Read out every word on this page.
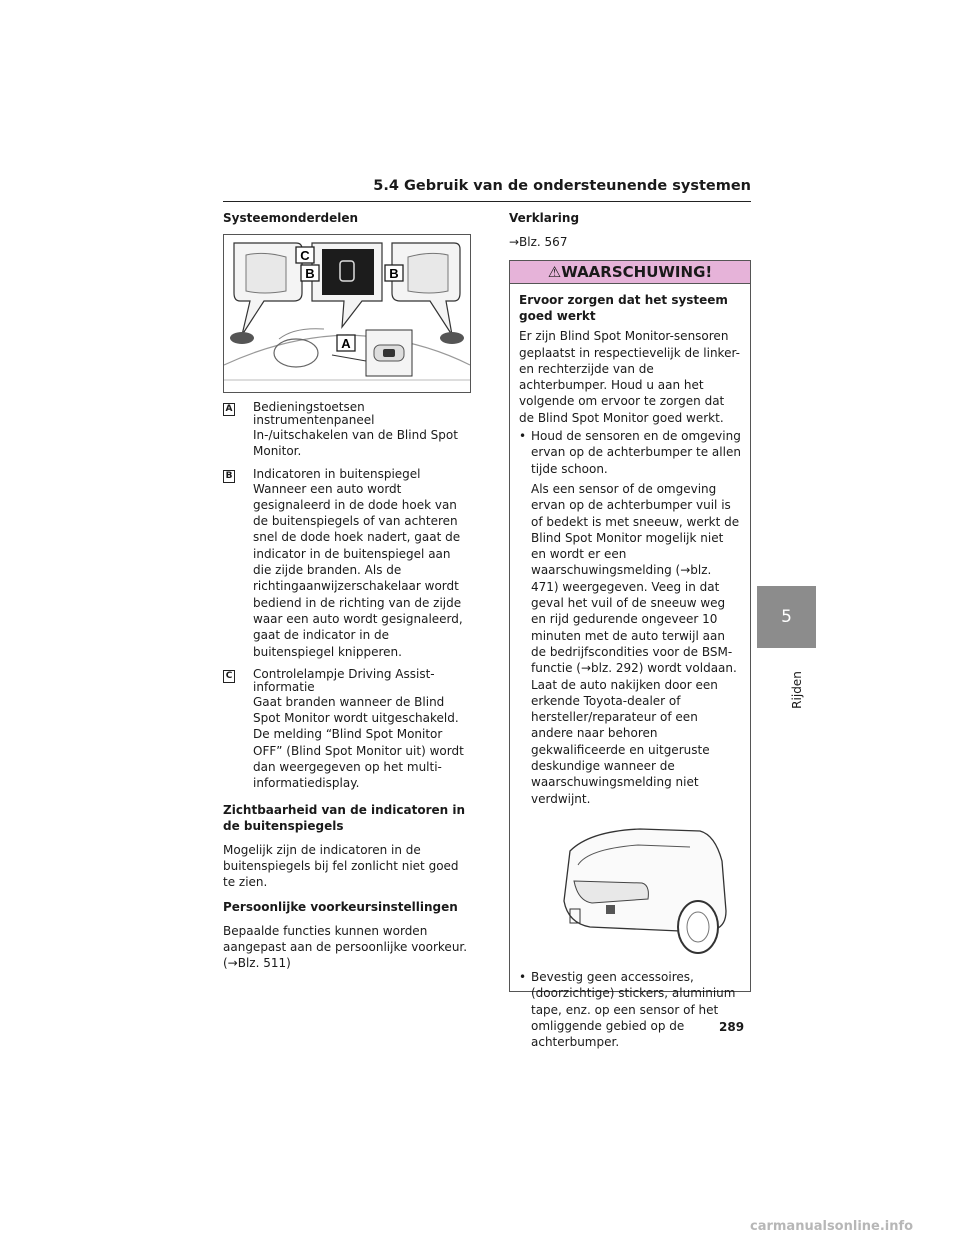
5.4 Gebruik van de ondersteunende systemen
Systeemonderdelen
B	B
C
A
A Bedieningstoetsen instrumentenpaneel
In-/uitschakelen van de Blind Spot Monitor.
B Indicatoren in buitenspiegel
Wanneer een auto wordt gesignaleerd in de dode hoek van de buitenspiegels of van achteren snel de dode hoek nadert, gaat de indicator in de buitenspiegel aan die zijde branden. Als de richtingaanwijzerschakelaar wordt bediend in de richting van de zijde waar een auto wordt gesignaleerd, gaat de indicator in de buitenspiegel knipperen.
C Controlelampje Driving Assist-informatie
Gaat branden wanneer de Blind Spot Monitor wordt uitgeschakeld. De melding “Blind Spot Monitor OFF” (Blind Spot Monitor uit) wordt dan weergegeven op het multi-informatiedisplay.
Zichtbaarheid van de indicatoren in de buitenspiegels
Mogelijk zijn de indicatoren in de buitenspiegels bij fel zonlicht niet goed te zien.
Persoonlijke voorkeursinstellingen
Bepaalde functies kunnen worden aangepast aan de persoonlijke voorkeur. (→Blz. 511)
Verklaring
→Blz. 567
⚠WAARSCHUWING!
Ervoor zorgen dat het systeem goed werkt
Er zijn Blind Spot Monitor-sensoren geplaatst in respectievelijk de linker- en rechterzijde van de achterbumper. Houd u aan het volgende om ervoor te zorgen dat de Blind Spot Monitor goed werkt.
• Houd de sensoren en de omgeving ervan op de achterbumper te allen tijde schoon.
Als een sensor of de omgeving ervan op de achterbumper vuil is of bedekt is met sneeuw, werkt de Blind Spot Monitor mogelijk niet en wordt er een waarschuwingsmelding (→blz. 471) weergegeven. Veeg in dat geval het vuil of de sneeuw weg en rijd gedurende ongeveer 10 minuten met de auto terwijl aan de bedrijfscondities voor de BSM-functie (→blz. 292) wordt voldaan. Laat de auto nakijken door een erkende Toyota-dealer of hersteller/reparateur of een andere naar behoren gekwalificeerde en uitgeruste deskundige wanneer de waarschuwingsmelding niet verdwijnt.
• Bevestig geen accessoires, (doorzichtige) stickers, aluminium tape, enz. op een sensor of het omliggende gebied op de achterbumper.
5
Rijden
289
carmanualsonline.info
